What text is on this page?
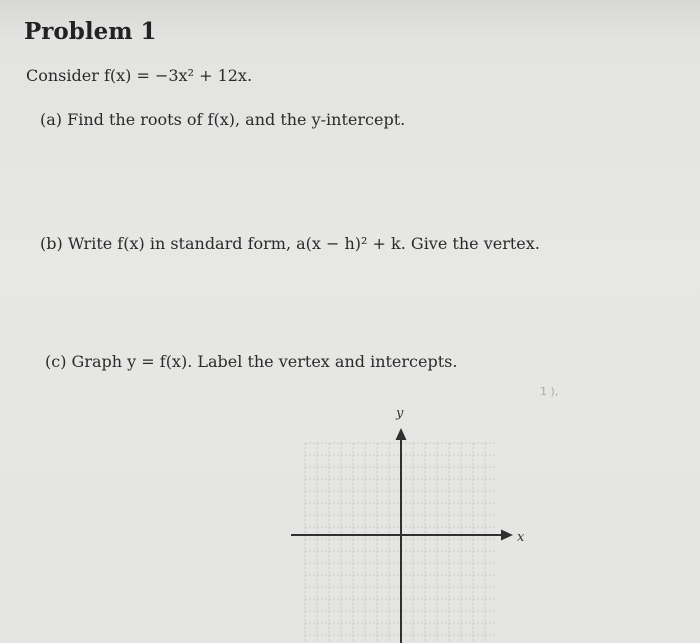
Problem 1
Consider f(x) = −3x² + 12x.
(a) Find the roots of f(x), and the y-intercept.
(b) Write f(x) in standard form, a(x − h)² + k. Give the vertex.
(c) Graph y = f(x). Label the vertex and intercepts.
1 ),
x
y
